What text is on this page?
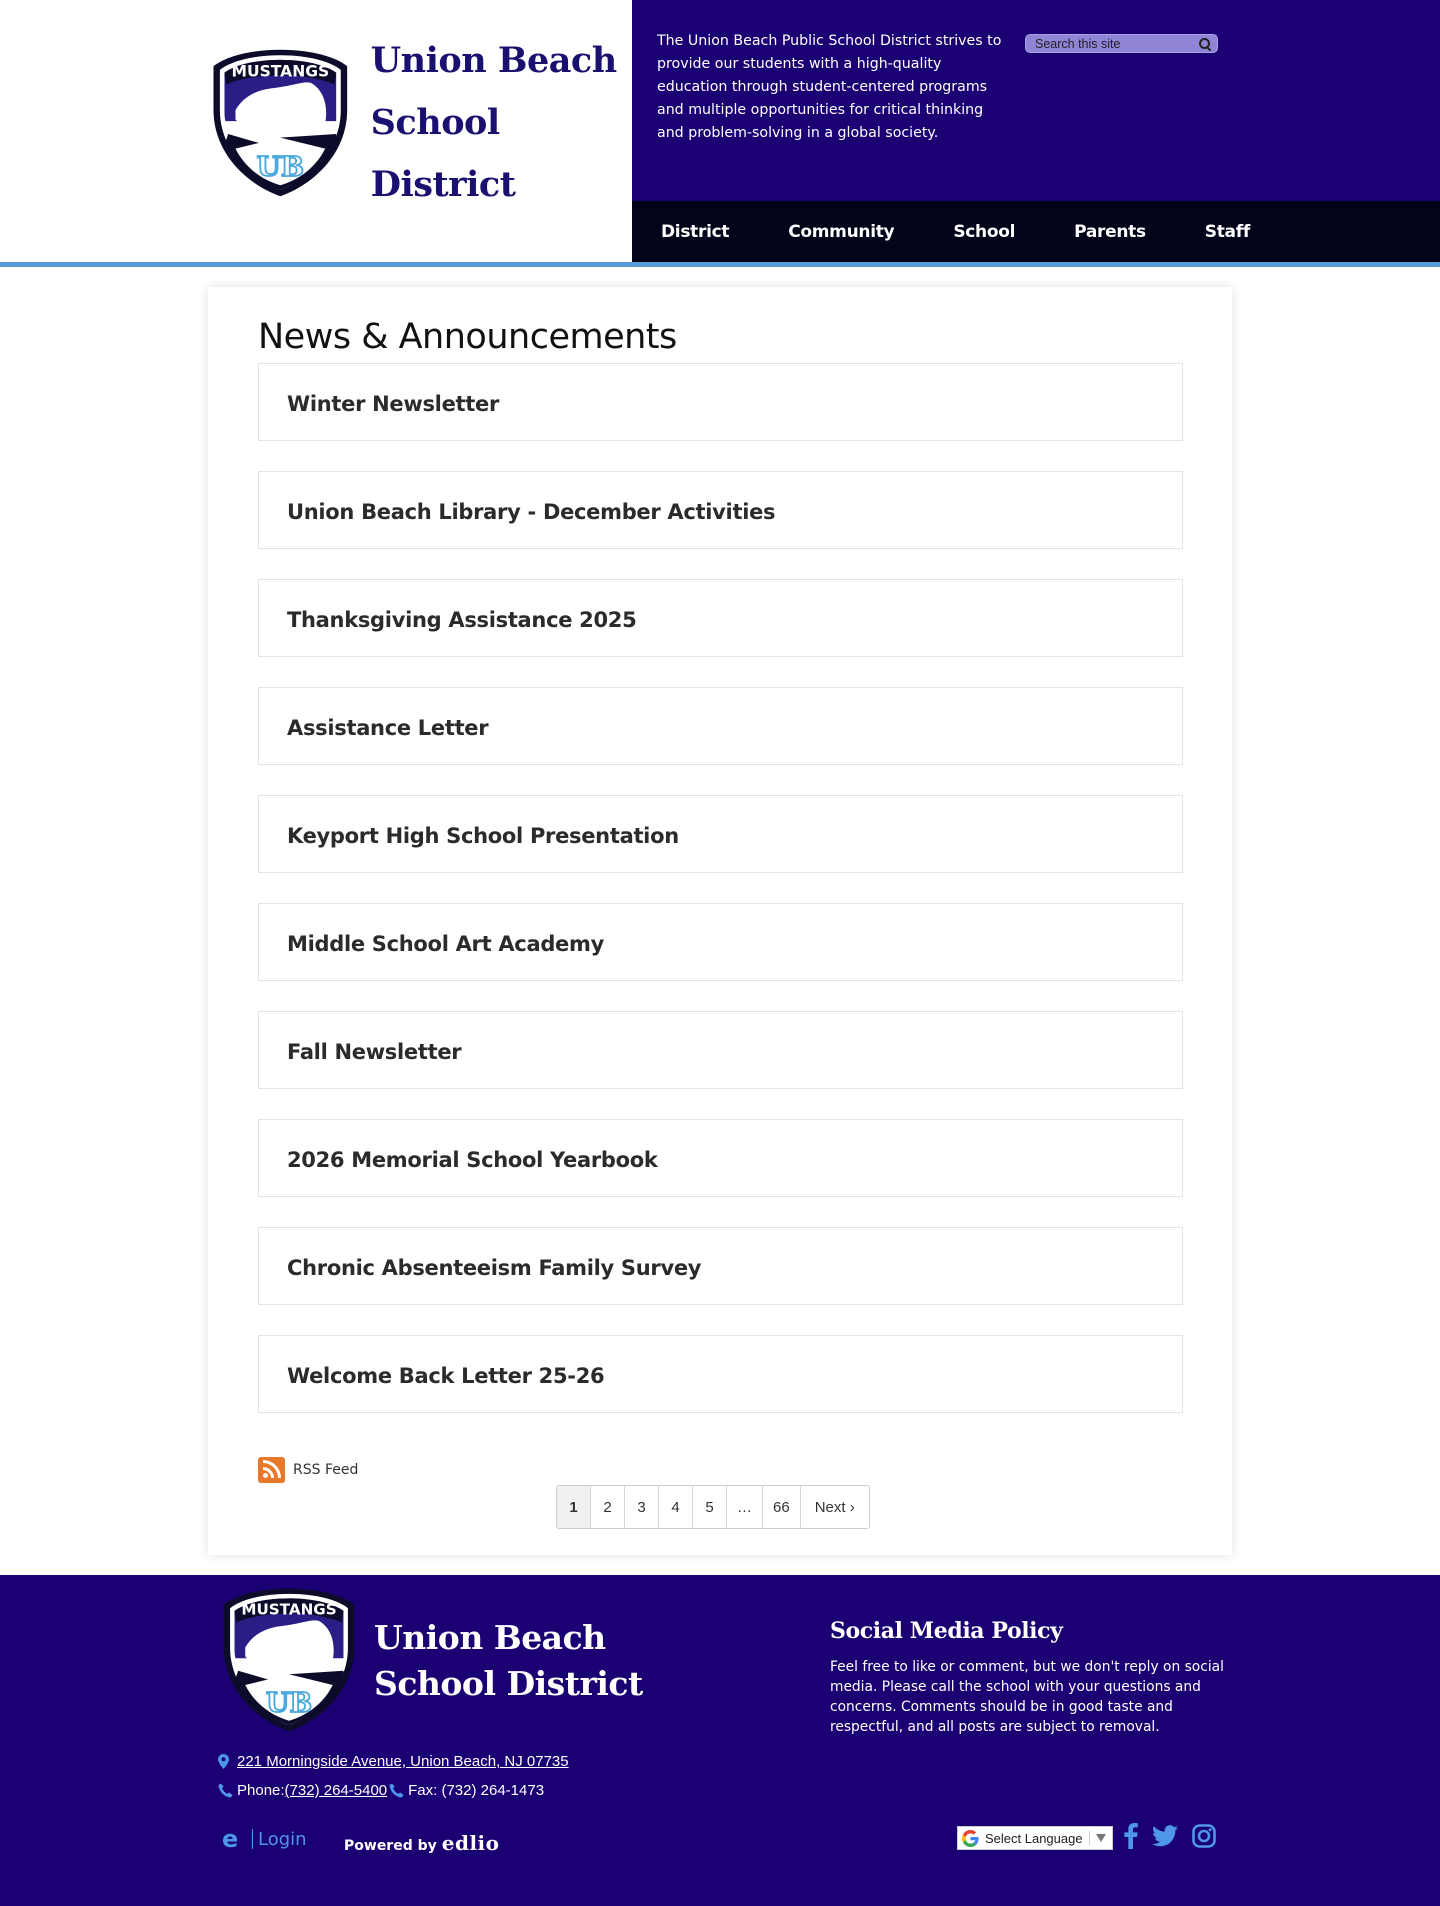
MUSTANGS
UB
Union Beach
School District

The Union Beach Public School District strives to provide our students with a high-quality education through student-centered programs and multiple opportunities for critical thinking and problem-solving in a global society.

Search this site
District	Community	School	Parents	Staff
News & Announcements
Winter Newsletter
Union Beach Library - December Activities
Thanksgiving Assistance 2025
Assistance Letter
Keyport High School Presentation
Middle School Art Academy
Fall Newsletter
2026 Memorial School Yearbook
Chronic Absenteeism Family Survey
Welcome Back Letter 25-26
RSS Feed
1	2	3	4	5	…	66	Next ›
MUSTANGS
UB
Union Beach
School District
221 Morningside Avenue, Union Beach, NJ 07735
Phone: (732) 264-5400 Fax: (732) 264-1473
Social Media Policy

Feel free to like or comment, but we don't reply on social media. Please call the school with your questions and concerns. Comments should be in good taste and respectful, and all posts are subject to removal.

e Login	Powered by edlio	Select Language
